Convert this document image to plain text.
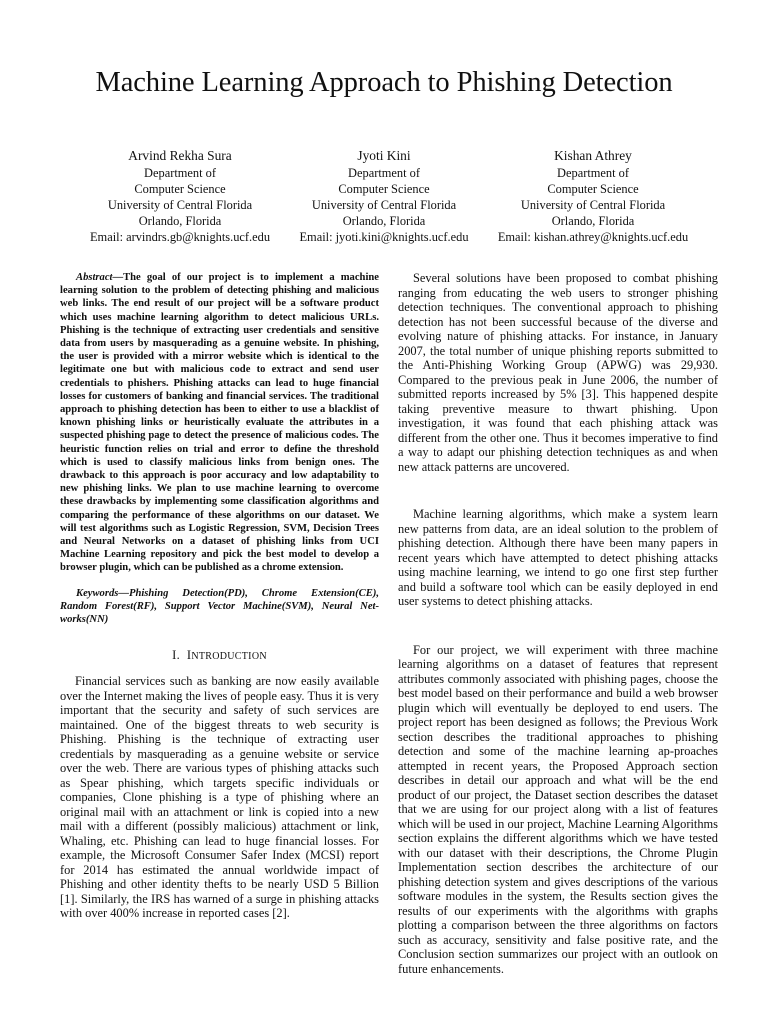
Machine Learning Approach to Phishing Detection
Arvind Rekha Sura
Department of
Computer Science
University of Central Florida
Orlando, Florida
Email: arvindrs.gb@knights.ucf.edu
Jyoti Kini
Department of
Computer Science
University of Central Florida
Orlando, Florida
Email: jyoti.kini@knights.ucf.edu
Kishan Athrey
Department of
Computer Science
University of Central Florida
Orlando, Florida
Email: kishan.athrey@knights.ucf.edu

Abstract—The goal of our project is to implement a machine learning solution to the problem of detecting phishing and malicious web links. The end result of our project will be a software product which uses machine learning algorithm to detect malicious URLs. Phishing is the technique of extracting user credentials and sensitive data from users by masquerading as a genuine website. In phishing, the user is provided with a mirror website which is identical to the legitimate one but with malicious code to extract and send user credentials to phishers. Phishing attacks can lead to huge financial losses for customers of banking and financial services. The traditional approach to phishing detection has been to either to use a blacklist of known phishing links or heuristically evaluate the attributes in a suspected phishing page to detect the presence of malicious codes. The heuristic function relies on trial and error to define the threshold which is used to classify malicious links from benign ones. The drawback to this approach is poor accuracy and low adaptability to new phishing links. We plan to use machine learning to overcome these drawbacks by implementing some classification algorithms and comparing the performance of these algorithms on our dataset. We will test algorithms such as Logistic Regression, SVM, Decision Trees and Neural Networks on a dataset of phishing links from UCI Machine Learning repository and pick the best model to develop a browser plugin, which can be published as a chrome extension.

Keywords—Phishing Detection(PD), Chrome Extension(CE), Random Forest(RF), Support Vector Machine(SVM), Neural Net-works(NN)

I. INTRODUCTION

Financial services such as banking are now easily available over the Internet making the lives of people easy. Thus it is very important that the security and safety of such services are maintained. One of the biggest threats to web security is Phishing. Phishing is the technique of extracting user credentials by masquerading as a genuine website or service over the web. There are various types of phishing attacks such as Spear phishing, which targets specific individuals or companies, Clone phishing is a type of phishing where an original mail with an attachment or link is copied into a new mail with a different (possibly malicious) attachment or link, Whaling, etc. Phishing can lead to huge financial losses. For example, the Microsoft Consumer Safer Index (MCSI) report for 2014 has estimated the annual worldwide impact of Phishing and other identity thefts to be nearly USD 5 Billion [1]. Similarly, the IRS has warned of a surge in phishing attacks with over 400% increase in reported cases [2].

Several solutions have been proposed to combat phishing ranging from educating the web users to stronger phishing detection techniques. The conventional approach to phishing detection has not been successful because of the diverse and evolving nature of phishing attacks. For instance, in January 2007, the total number of unique phishing reports submitted to the Anti-Phishing Working Group (APWG) was 29,930. Compared to the previous peak in June 2006, the number of submitted reports increased by 5% [3]. This happened despite taking preventive measure to thwart phishing. Upon investigation, it was found that each phishing attack was different from the other one. Thus it becomes imperative to find a way to adapt our phishing detection techniques as and when new attack patterns are uncovered.

Machine learning algorithms, which make a system learn new patterns from data, are an ideal solution to the problem of phishing detection. Although there have been many papers in recent years which have attempted to detect phishing attacks using machine learning, we intend to go one first step further and build a software tool which can be easily deployed in end user systems to detect phishing attacks.

For our project, we will experiment with three machine learning algorithms on a dataset of features that represent attributes commonly associated with phishing pages, choose the best model based on their performance and build a web browser plugin which will eventually be deployed to end users. The project report has been designed as follows; the Previous Work section describes the traditional approaches to phishing detection and some of the machine learning ap-proaches attempted in recent years, the Proposed Approach section describes in detail our approach and what will be the end product of our project, the Dataset section describes the dataset that we are using for our project along with a list of features which will be used in our project, Machine Learning Algorithms section explains the different algorithms which we have tested with our dataset with their descriptions, the Chrome Plugin Implementation section describes the architecture of our phishing detection system and gives descriptions of the various software modules in the system, the Results section gives the results of our experiments with the algorithms with graphs plotting a comparison between the three algorithms on factors such as accuracy, sensitivity and false positive rate, and the Conclusion section summarizes our project with an outlook on future enhancements.
